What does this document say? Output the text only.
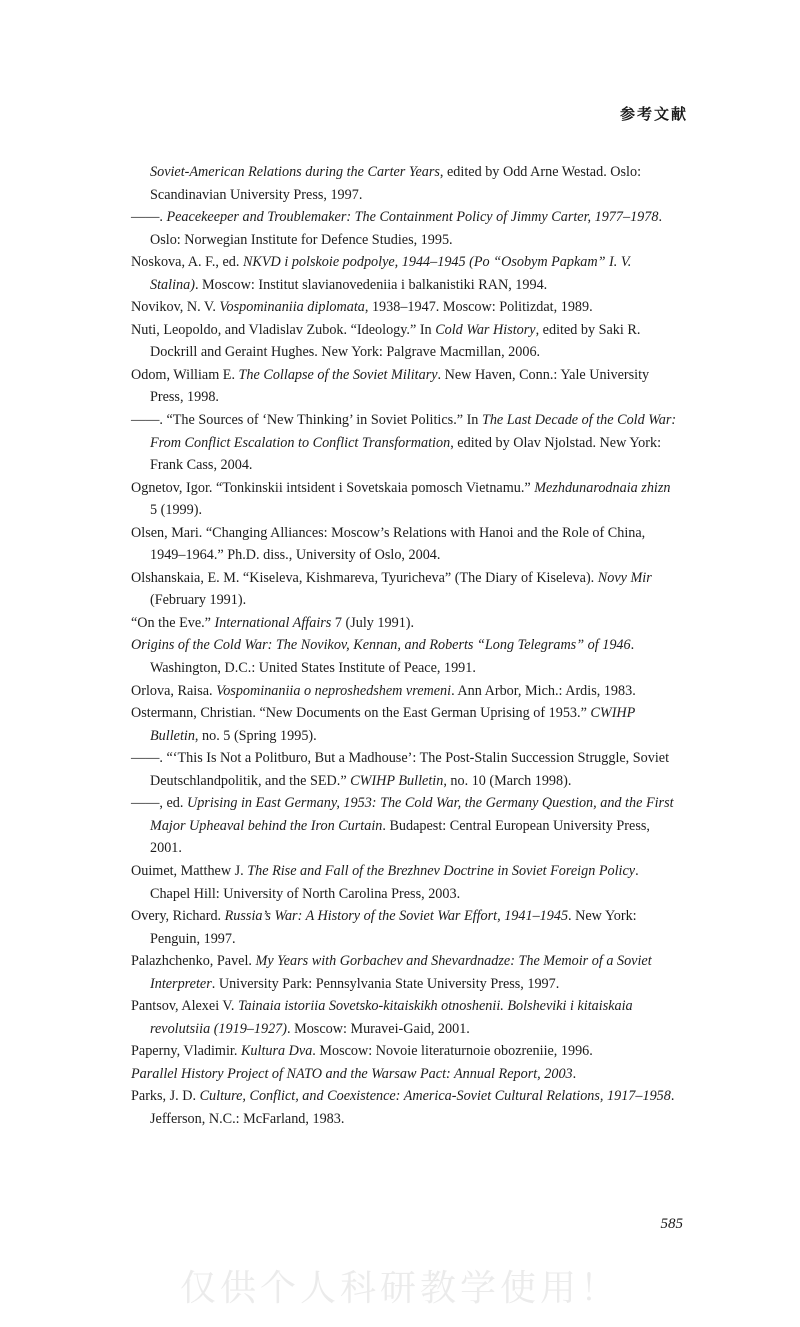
参考文献
Soviet-American Relations during the Carter Years, edited by Odd Arne Westad. Oslo: Scandinavian University Press, 1997.
——. Peacekeeper and Troublemaker: The Containment Policy of Jimmy Carter, 1977–1978. Oslo: Norwegian Institute for Defence Studies, 1995.
Noskova, A. F., ed. NKVD i polskoie podpolye, 1944–1945 (Po “Osobym Papkam” I. V. Stalina). Moscow: Institut slavianovedeniia i balkanistiki RAN, 1994.
Novikov, N. V. Vospominaniia diplomata, 1938–1947. Moscow: Politizdat, 1989.
Nuti, Leopoldo, and Vladislav Zubok. “Ideology.” In Cold War History, edited by Saki R. Dockrill and Geraint Hughes. New York: Palgrave Macmillan, 2006.
Odom, William E. The Collapse of the Soviet Military. New Haven, Conn.: Yale University Press, 1998.
——. “The Sources of ‘New Thinking’ in Soviet Politics.” In The Last Decade of the Cold War: From Conflict Escalation to Conflict Transformation, edited by Olav Njolstad. New York: Frank Cass, 2004.
Ognetov, Igor. “Tonkinskii intsident i Sovetskaia pomosch Vietnamu.” Mezhdunarodnaia zhizn 5 (1999).
Olsen, Mari. “Changing Alliances: Moscow’s Relations with Hanoi and the Role of China, 1949–1964.” Ph.D. diss., University of Oslo, 2004.
Olshanskaia, E. M. “Kiseleva, Kishmareva, Tyuricheva” (The Diary of Kiseleva). Novy Mir (February 1991).
“On the Eve.” International Affairs 7 (July 1991).
Origins of the Cold War: The Novikov, Kennan, and Roberts “Long Telegrams” of 1946. Washington, D.C.: United States Institute of Peace, 1991.
Orlova, Raisa. Vospominaniia o neproshedshem vremeni. Ann Arbor, Mich.: Ardis, 1983.
Ostermann, Christian. “New Documents on the East German Uprising of 1953.” CWIHP Bulletin, no. 5 (Spring 1995).
——. “‘This Is Not a Politburo, But a Madhouse’: The Post-Stalin Succession Struggle, Soviet Deutschlandpolitik, and the SED.” CWIHP Bulletin, no. 10 (March 1998).
——, ed. Uprising in East Germany, 1953: The Cold War, the Germany Question, and the First Major Upheaval behind the Iron Curtain. Budapest: Central European University Press, 2001.
Ouimet, Matthew J. The Rise and Fall of the Brezhnev Doctrine in Soviet Foreign Policy. Chapel Hill: University of North Carolina Press, 2003.
Overy, Richard. Russia’s War: A History of the Soviet War Effort, 1941–1945. New York: Penguin, 1997.
Palazhchenko, Pavel. My Years with Gorbachev and Shevardnadze: The Memoir of a Soviet Interpreter. University Park: Pennsylvania State University Press, 1997.
Pantsov, Alexei V. Tainaia istoriia Sovetsko-kitaiskikh otnoshenii. Bolsheviki i kitaiskaia revolutsiia (1919–1927). Moscow: Muravei-Gaid, 2001.
Paperny, Vladimir. Kultura Dva. Moscow: Novoie literaturnoie obozreniie, 1996.
Parallel History Project of NATO and the Warsaw Pact: Annual Report, 2003.
Parks, J. D. Culture, Conflict, and Coexistence: America-Soviet Cultural Relations, 1917–1958. Jefferson, N.C.: McFarland, 1983.
585
仅供个人科研教学使用！
